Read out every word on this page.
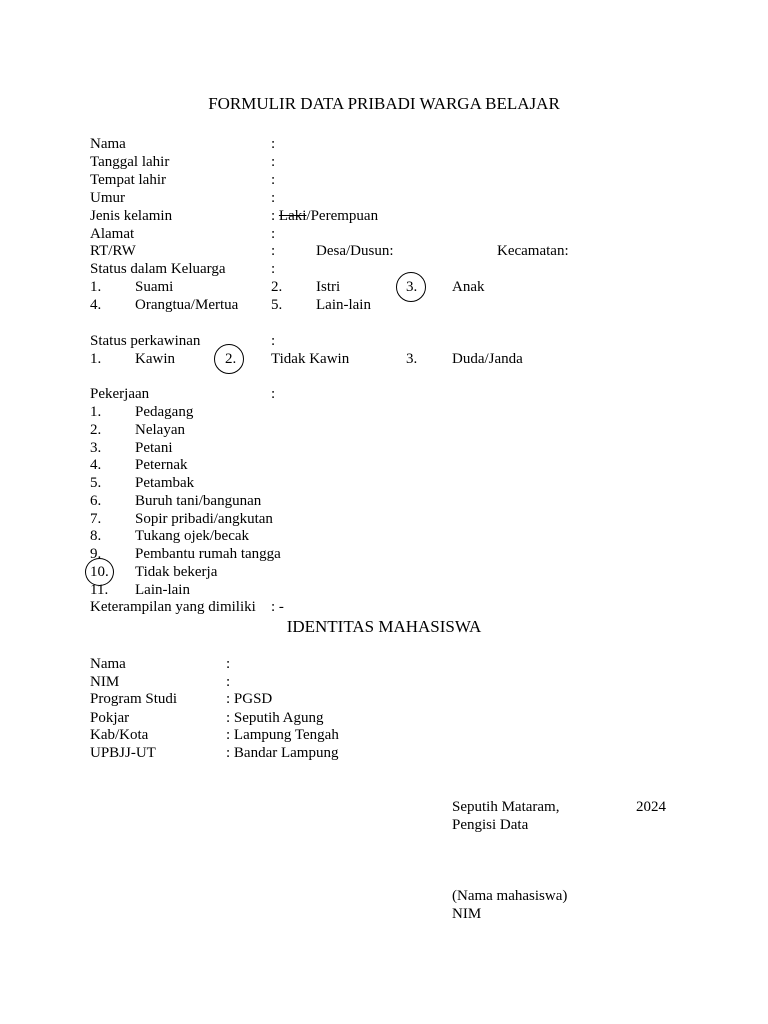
FORMULIR DATA PRIBADI WARGA BELAJAR
Nama	:
Tanggal lahir	:
Tempat lahir	:
Umur	:
Jenis kelamin	: Laki/Perempuan
Alamat	:
RT/RW	:	Desa/Dusun:	Kecamatan:
Status dalam Keluarga	:
1. Suami	2. Istri	3. Anak
4. Orangtua/Mertua 5. Lain-lain
Status perkawinan	:
1. Kawin	2. Tidak Kawin	3. Duda/Janda
Pekerjaan	:
1. Pedagang
2. Nelayan
3. Petani
4. Peternak
5. Petambak
6. Buruh tani/bangunan
7. Sopir pribadi/angkutan
8. Tukang ojek/becak
9. Pembantu rumah tangga
10. Tidak bekerja
11. Lain-lain
Keterampilan yang dimiliki : -
IDENTITAS MAHASISWA
Nama	:
NIM	:
Program Studi	: PGSD
Pokjar	: Seputih Agung
Kab/Kota	: Lampung Tengah
UPBJJ-UT	: Bandar Lampung
Seputih Mataram,	2024
Pengisi Data
(Nama mahasiswa)
NIM
